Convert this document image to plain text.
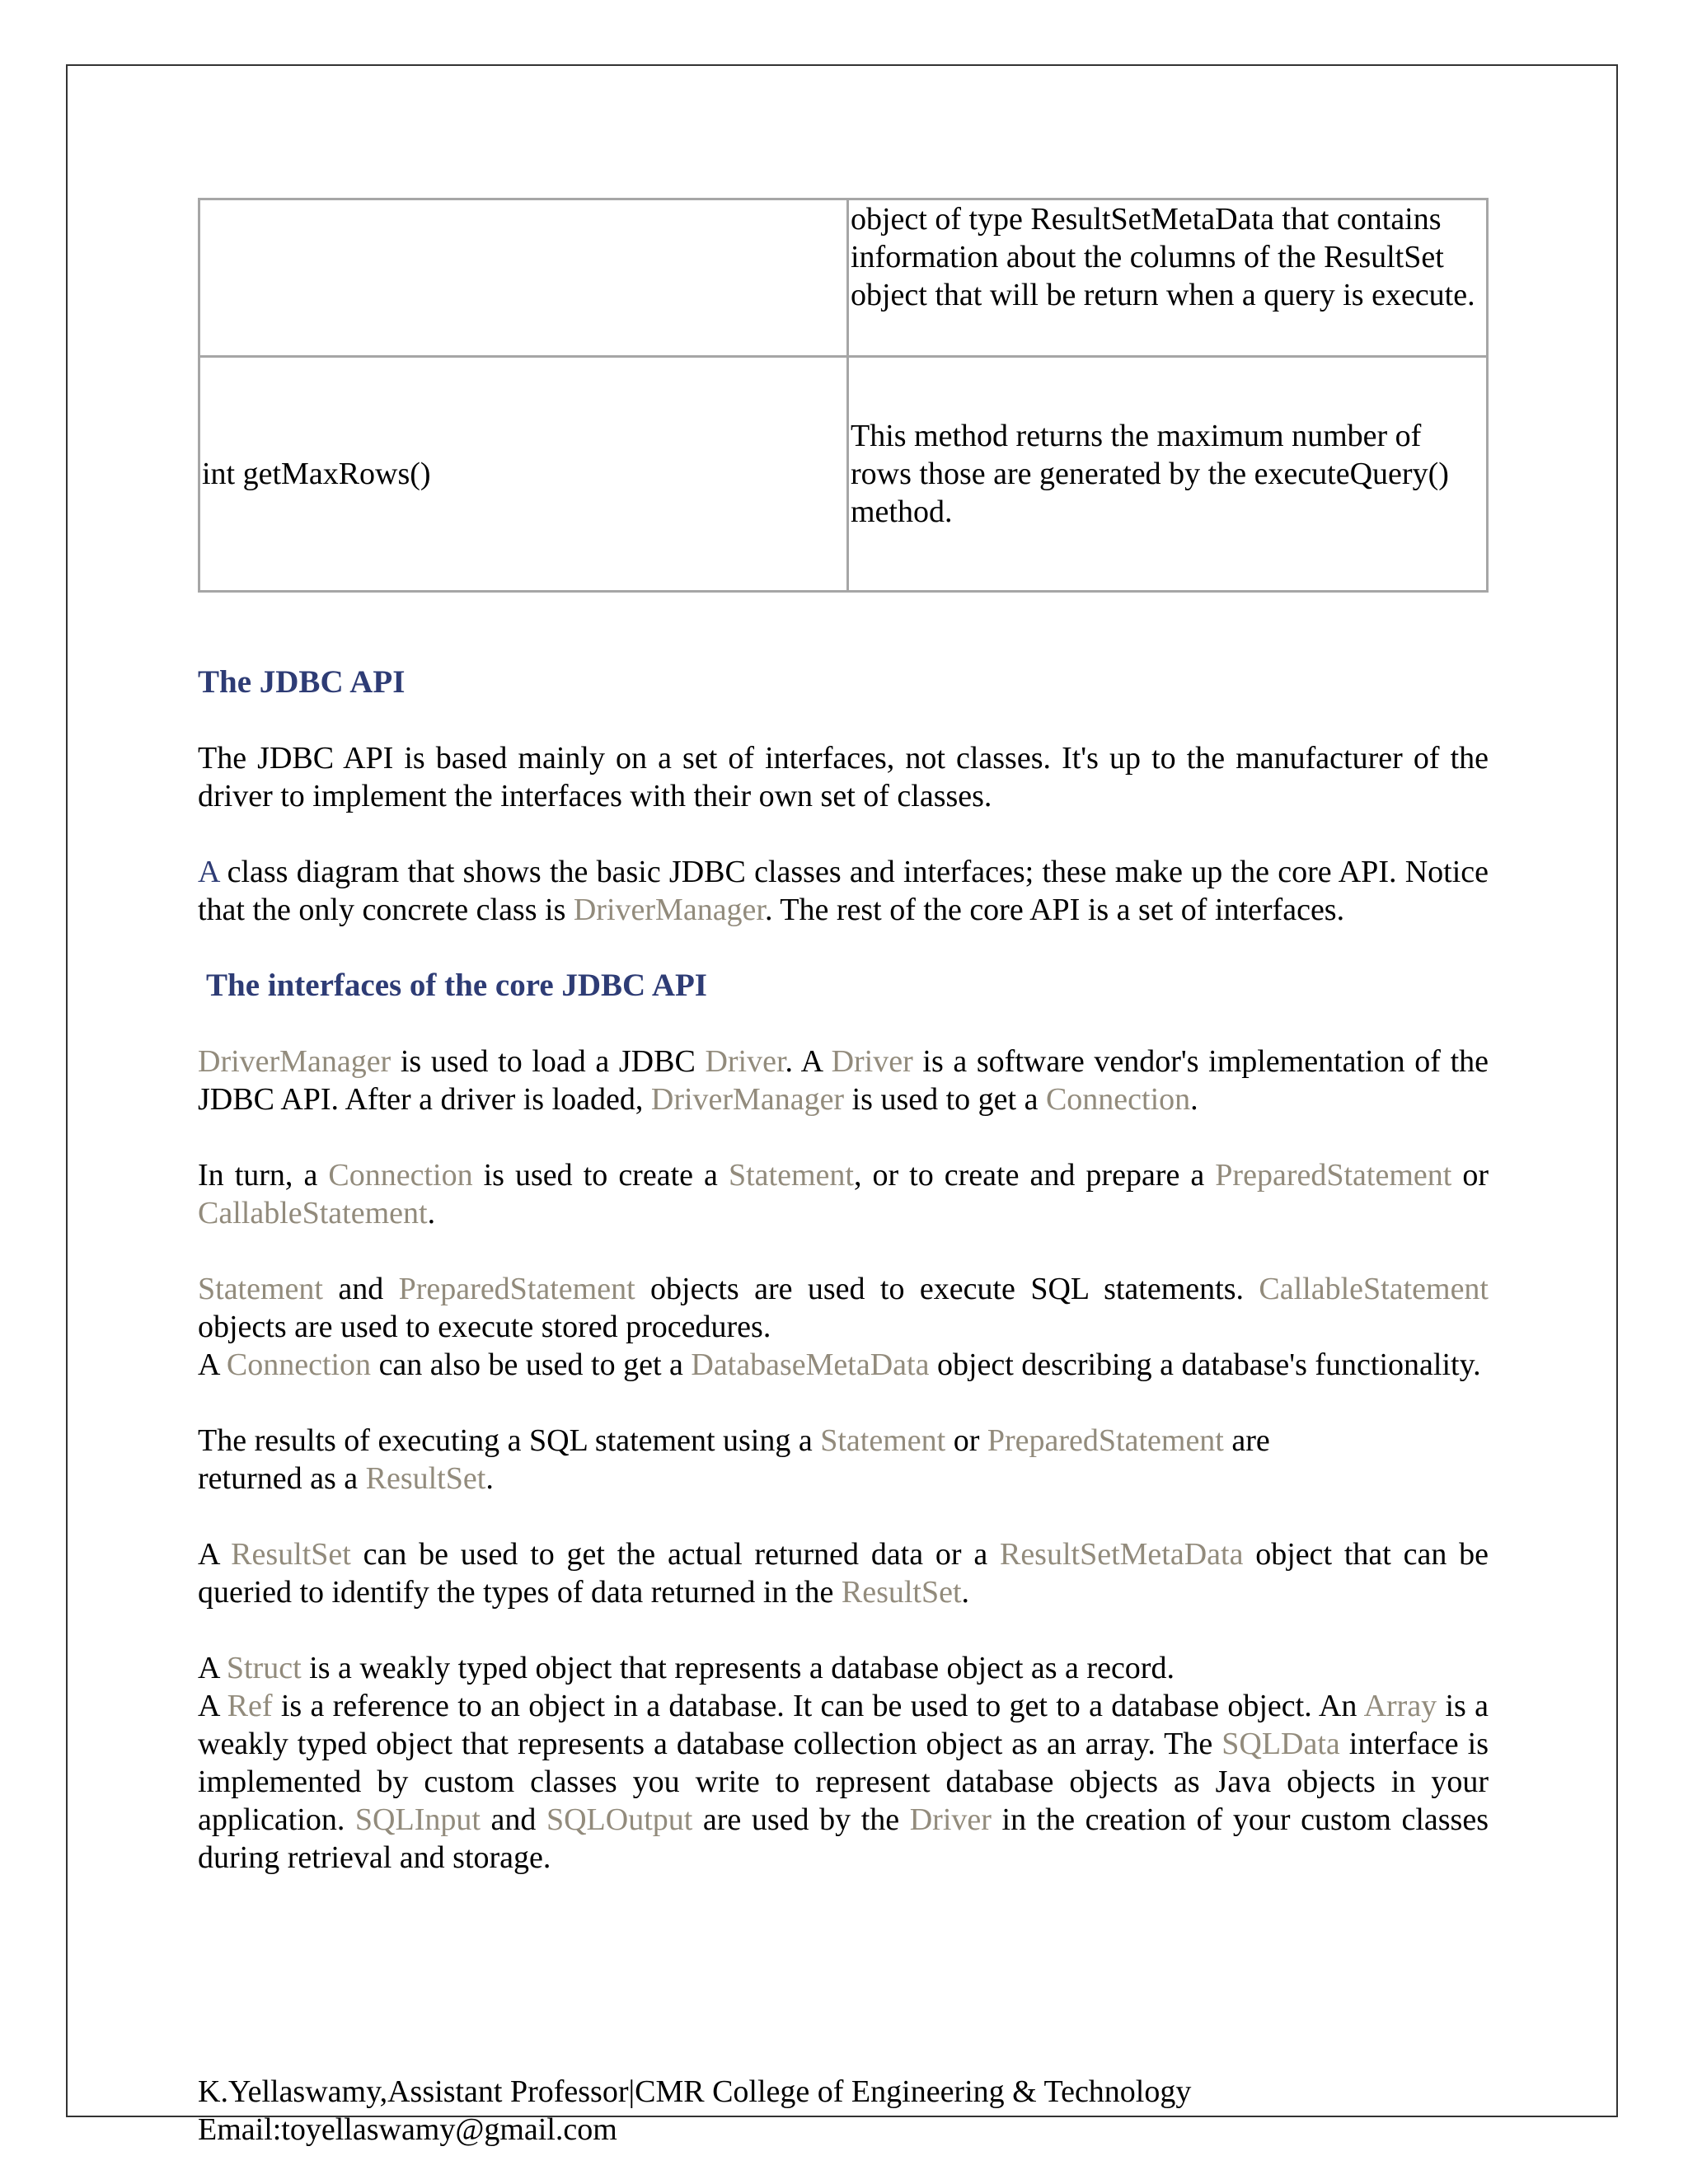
	object of type ResultSetMetaData that contains information about the columns of the ResultSet object that will be return when a query is execute.
int getMaxRows()	This method returns the maximum number of rows those are generated by the executeQuery() method.
The JDBC API

The JDBC API is based mainly on a set of interfaces, not classes. It's up to the manufacturer of the driver to implement the interfaces with their own set of classes.

A class diagram that shows the basic JDBC classes and interfaces; these make up the core API. Notice that the only concrete class is DriverManager. The rest of the core API is a set of interfaces.

The interfaces of the core JDBC API

DriverManager is used to load a JDBC Driver. A Driver is a software vendor's implementation of the JDBC API. After a driver is loaded, DriverManager is used to get a Connection.

In turn, a Connection is used to create a Statement, or to create and prepare a PreparedStatement or CallableStatement.

Statement and PreparedStatement objects are used to execute SQL statements. CallableStatement objects are used to execute stored procedures.

A Connection can also be used to get a DatabaseMetaData object describing a database's functionality.

The results of executing a SQL statement using a Statement or PreparedStatement are
returned as a ResultSet.

A ResultSet can be used to get the actual returned data or a ResultSetMetaData object that can be queried to identify the types of data returned in the ResultSet.

A Struct is a weakly typed object that represents a database object as a record.

A Ref is a reference to an object in a database. It can be used to get to a database object. An Array is a weakly typed object that represents a database collection object as an array. The SQLData interface is implemented by custom classes you write to represent database objects as Java objects in your application. SQLInput and SQLOutput are used by the Driver in the creation of your custom classes during retrieval and storage.

K.Yellaswamy,Assistant Professor|CMR College of Engineering & Technology
Email:toyellaswamy@gmail.com
